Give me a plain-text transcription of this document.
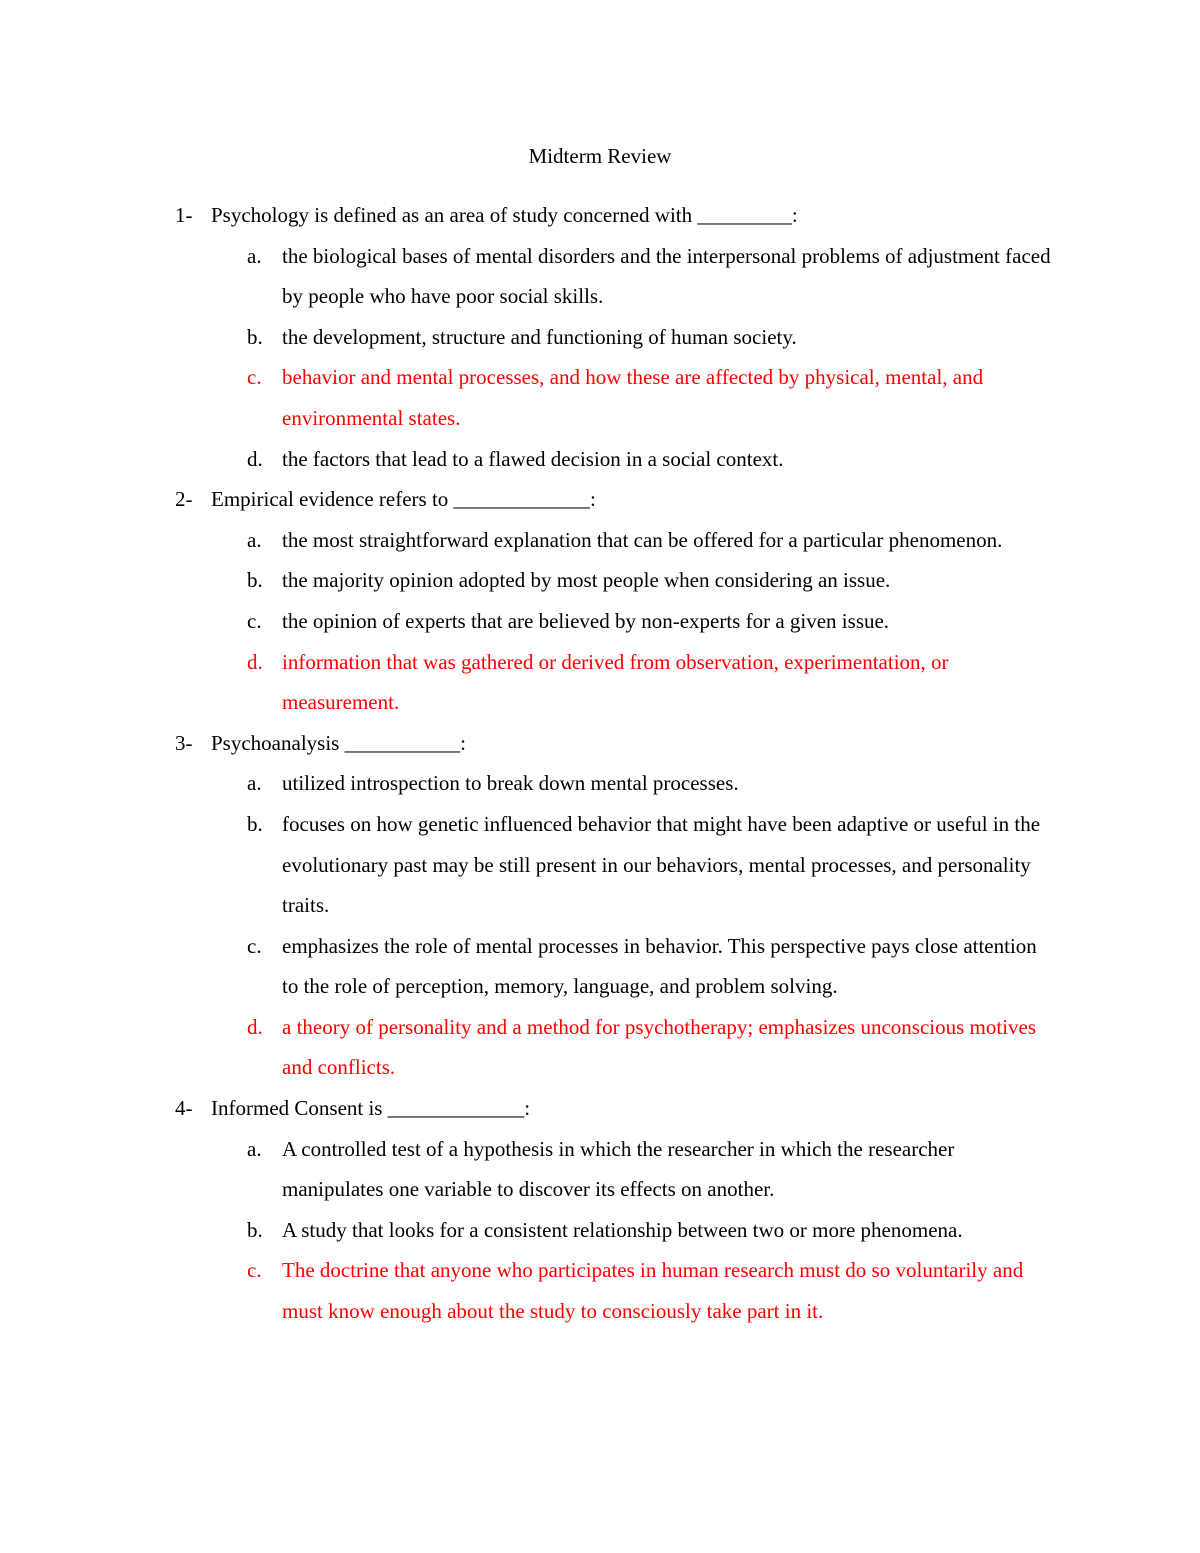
Midterm Review
1- Psychology is defined as an area of study concerned with _________:
a. the biological bases of mental disorders and the interpersonal problems of adjustment faced by people who have poor social skills.
b. the development, structure and functioning of human society.
c. behavior and mental processes, and how these are affected by physical, mental, and environmental states.
d. the factors that lead to a flawed decision in a social context.
2- Empirical evidence refers to _____________:
a. the most straightforward explanation that can be offered for a particular phenomenon.
b. the majority opinion adopted by most people when considering an issue.
c. the opinion of experts that are believed by non-experts for a given issue.
d. information that was gathered or derived from observation, experimentation, or measurement.
3- Psychoanalysis ___________:
a. utilized introspection to break down mental processes.
b. focuses on how genetic influenced behavior that might have been adaptive or useful in the evolutionary past may be still present in our behaviors, mental processes, and personality traits.
c. emphasizes the role of mental processes in behavior. This perspective pays close attention to the role of perception, memory, language, and problem solving.
d. a theory of personality and a method for psychotherapy; emphasizes unconscious motives and conflicts.
4- Informed Consent is _____________:
a. A controlled test of a hypothesis in which the researcher in which the researcher manipulates one variable to discover its effects on another.
b. A study that looks for a consistent relationship between two or more phenomena.
c. The doctrine that anyone who participates in human research must do so voluntarily and must know enough about the study to consciously take part in it.
